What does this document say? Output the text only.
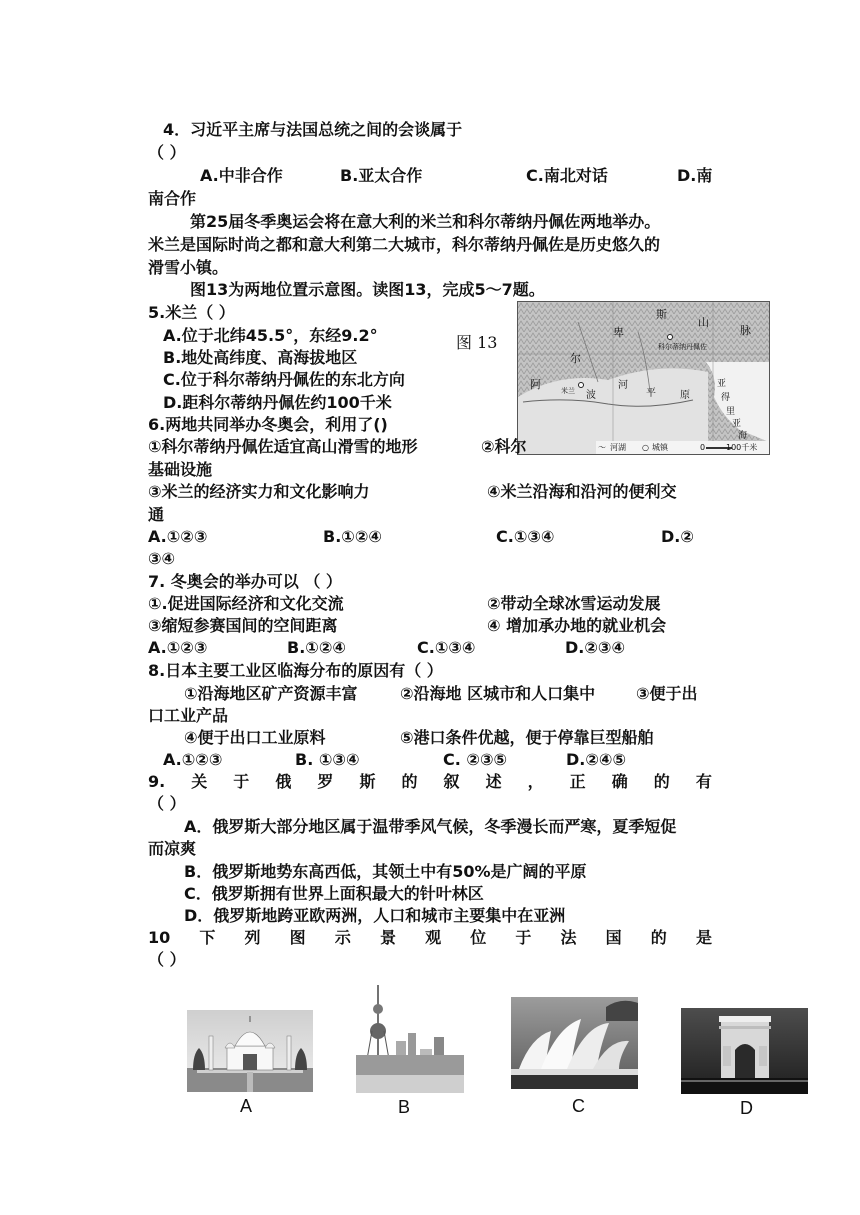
4．习近平主席与法国总统之间的会谈属于
（ ）
A.中非合作	B.亚太合作	C.南北对话	D.南
南合作
第25届冬季奥运会将在意大利的米兰和科尔蒂纳丹佩佐两地举办。
米兰是国际时尚之都和意大利第二大城市，科尔蒂纳丹佩佐是历史悠久的
滑雪小镇。
图13为两地位置示意图。读图13，完成5～7题。
图 13
阿
尔
卑
斯
山
脉
波
河
平 原
亚
得
里
亚
海
米兰
科尔蒂纳丹佩佐
〜 河湖 ○ 城镇	0	100千米
5.米兰（ ）
A.位于北纬45.5°，东经9.2°
B.地处高纬度、高海拔地区
C.位于科尔蒂纳丹佩佐的东北方向
D.距科尔蒂纳丹佩佐约100千米
6.两地共同举办冬奥会，利用了()
①科尔蒂纳丹佩佐适宜高山滑雪的地形	②科尔
基础设施
③米兰的经济实力和文化影响力	④米兰沿海和沿河的便利交
通
A.①②③	B.①②④	C.①③④	D.②
③④
7. 冬奥会的举办可以 （ ）
①.促进国际经济和文化交流	②带动全球冰雪运动发展
③缩短参赛国间的空间距离	④ 增加承办地的就业机会
A.①②③	B.①②④	C.①③④	D.②③④
8.日本主要工业区临海分布的原因有（ ）
①沿海地区矿产资源丰富	②沿海地 区城市和人口集中	③便于出
口工业产品
④便于出口工业原料	⑤港口条件优越，便于停靠巨型船舶
A.①②③	B. ①③④	C. ②③⑤	D.②④⑤
9. 关 于 俄 罗 斯 的 叙 述 ， 正 确 的 有
（ ）
A．俄罗斯大部分地区属于温带季风气候，冬季漫长而严寒，夏季短促
而凉爽
B．俄罗斯地势东高西低，其领土中有50%是广阔的平原
C．俄罗斯拥有世界上面积最大的针叶林区
D．俄罗斯地跨亚欧两洲，人口和城市主要集中在亚洲
10 下 列 图 示 景 观 位 于 法 国 的 是
（ ）
A	B	C	D
